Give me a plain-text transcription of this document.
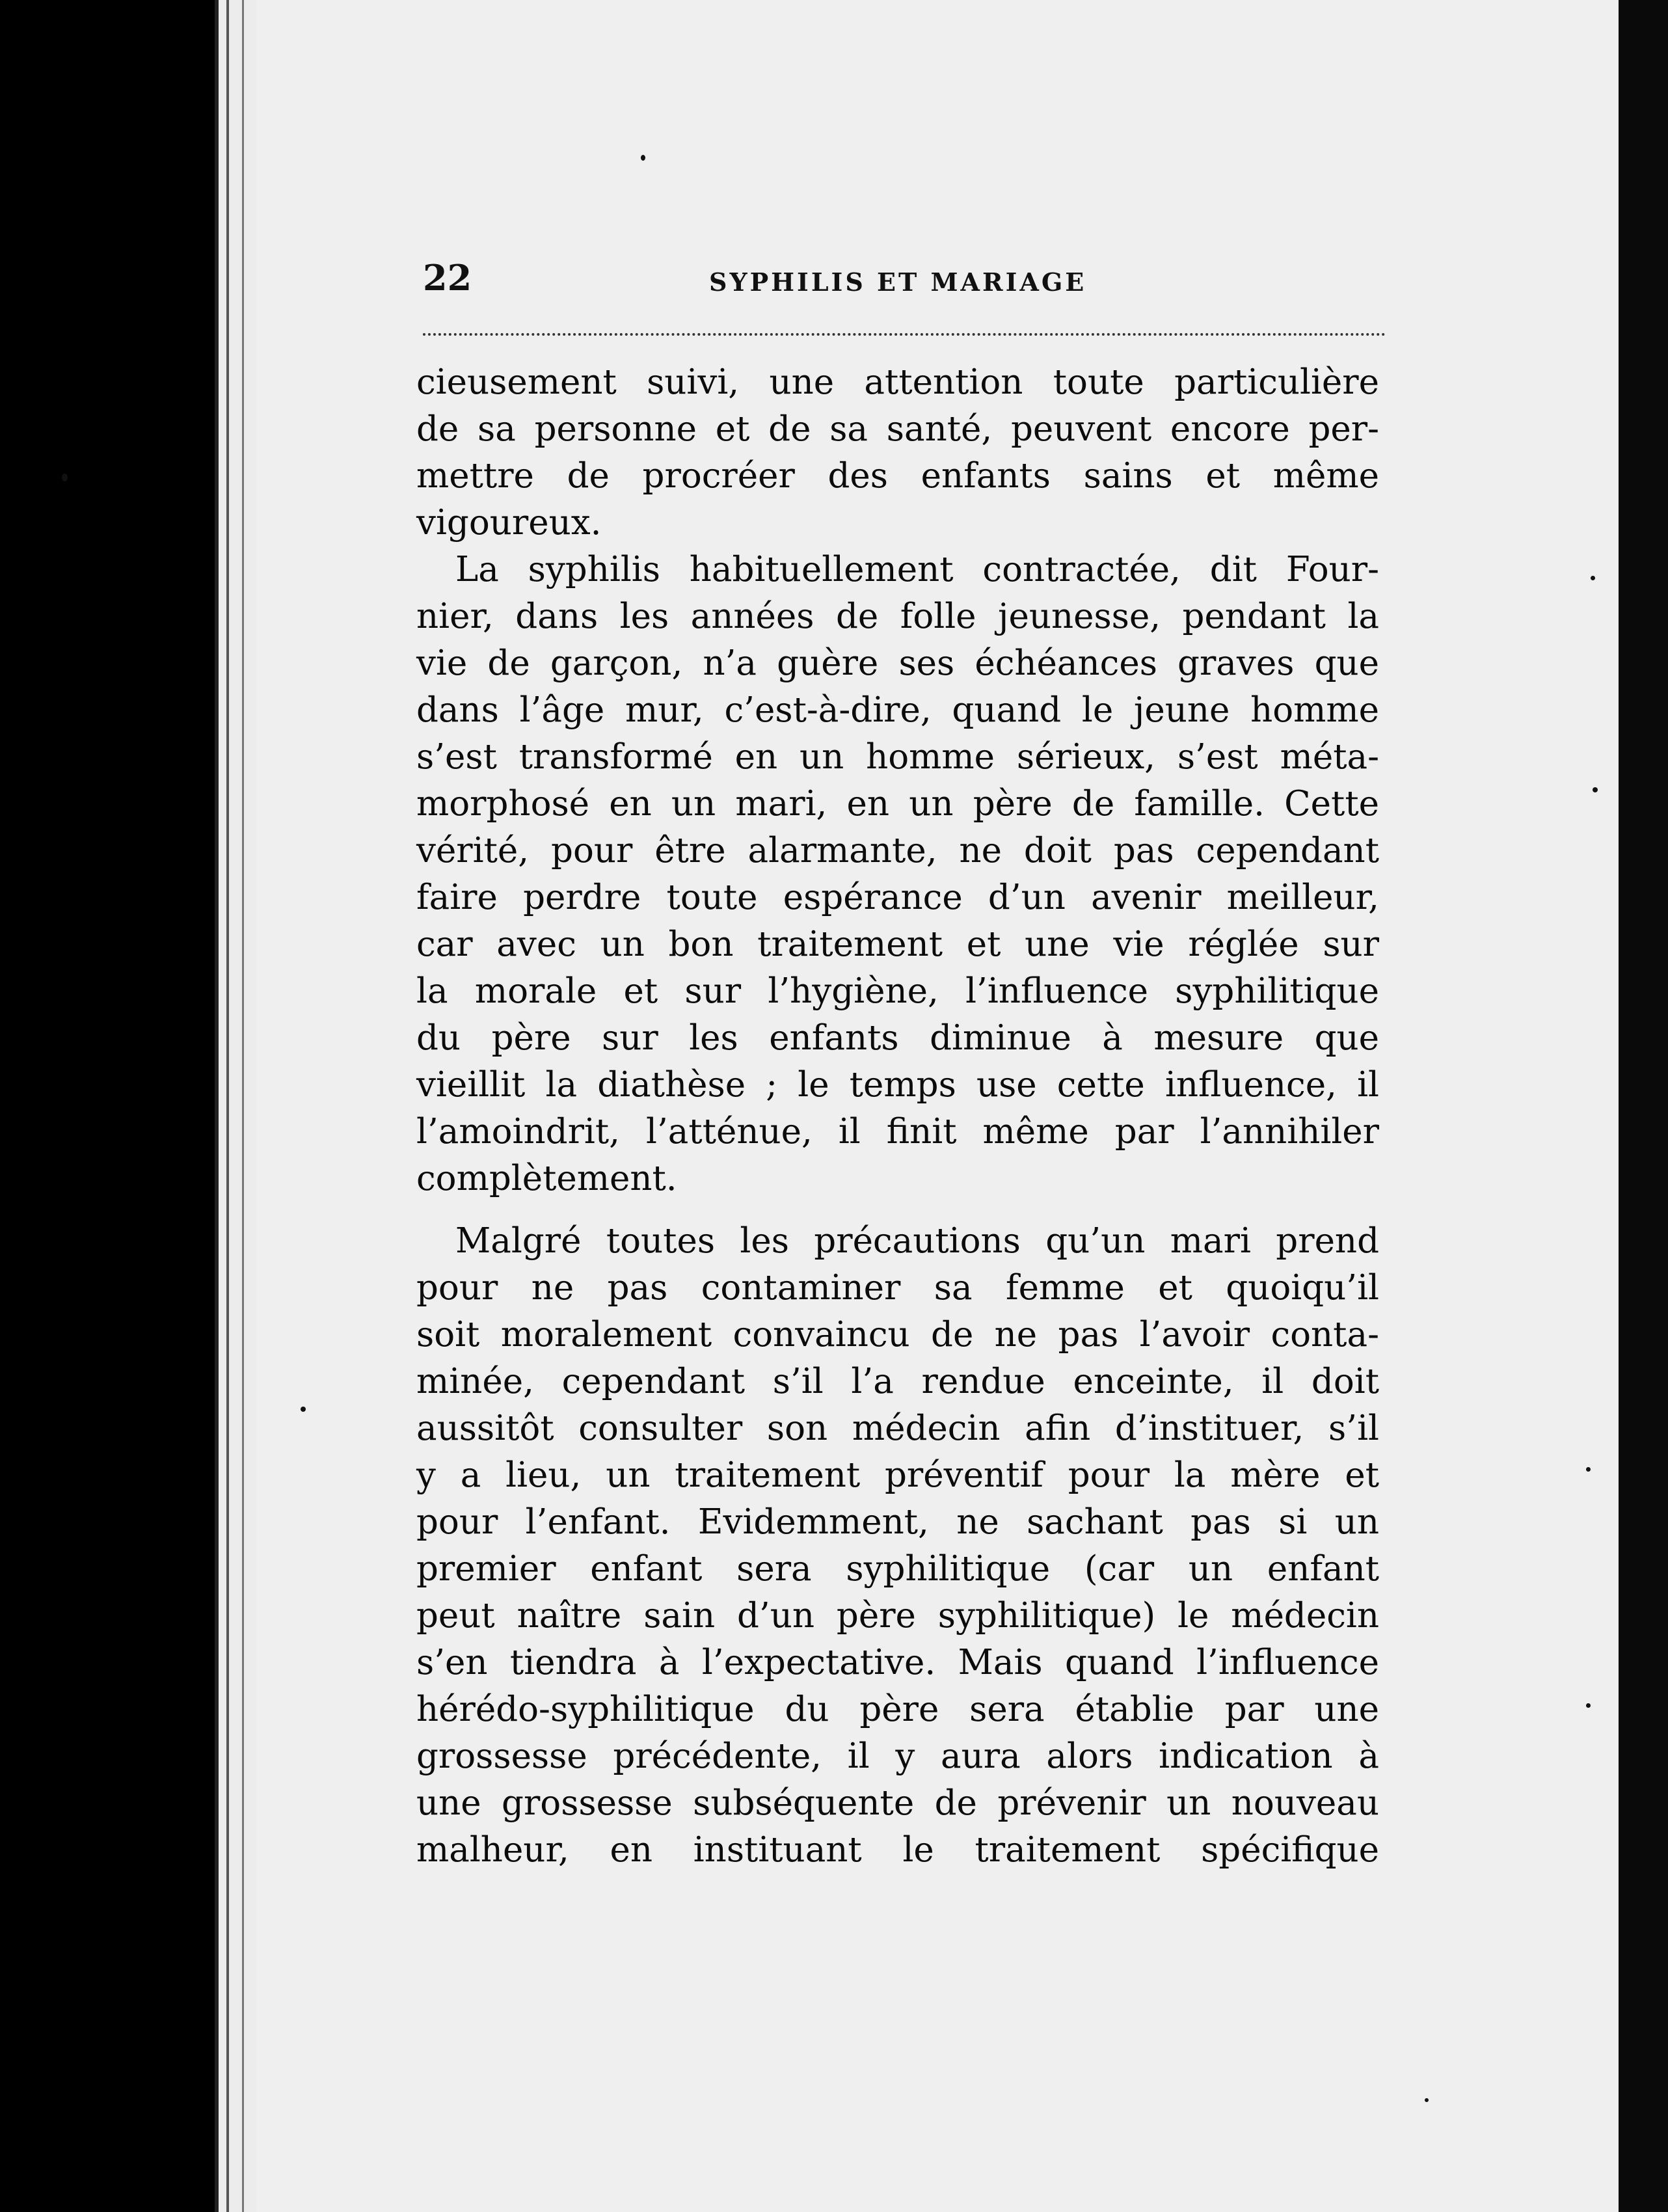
22	SYPHILIS ET MARIAGE
cieusement suivi, une attention toute particulière
de sa personne et de sa santé, peuvent encore per-
mettre de procréer des enfants sains et même
vigoureux.
La syphilis habituellement contractée, dit Four-
nier, dans les années de folle jeunesse, pendant la
vie de garçon, n’a guère ses échéances graves que
dans l’âge mur, c’est-à-dire, quand le jeune homme
s’est transformé en un homme sérieux, s’est méta-
morphosé en un mari, en un père de famille. Cette
vérité, pour être alarmante, ne doit pas cependant
faire perdre toute espérance d’un avenir meilleur,
car avec un bon traitement et une vie réglée sur
la morale et sur l’hygiène, l’influence syphilitique
du père sur les enfants diminue à mesure que
vieillit la diathèse ; le temps use cette influence, il
l’amoindrit, l’atténue, il finit même par l’annihiler
complètement.
Malgré toutes les précautions qu’un mari prend
pour ne pas contaminer sa femme et quoiqu’il
soit moralement convaincu de ne pas l’avoir conta-
minée, cependant s’il l’a rendue enceinte, il doit
aussitôt consulter son médecin afin d’instituer, s’il
y a lieu, un traitement préventif pour la mère et
pour l’enfant. Evidemment, ne sachant pas si un
premier enfant sera syphilitique (car un enfant
peut naître sain d’un père syphilitique) le médecin
s’en tiendra à l’expectative. Mais quand l’influence
hérédo-syphilitique du père sera établie par une
grossesse précédente, il y aura alors indication à
une grossesse subséquente de prévenir un nouveau
malheur, en instituant le traitement spécifique
